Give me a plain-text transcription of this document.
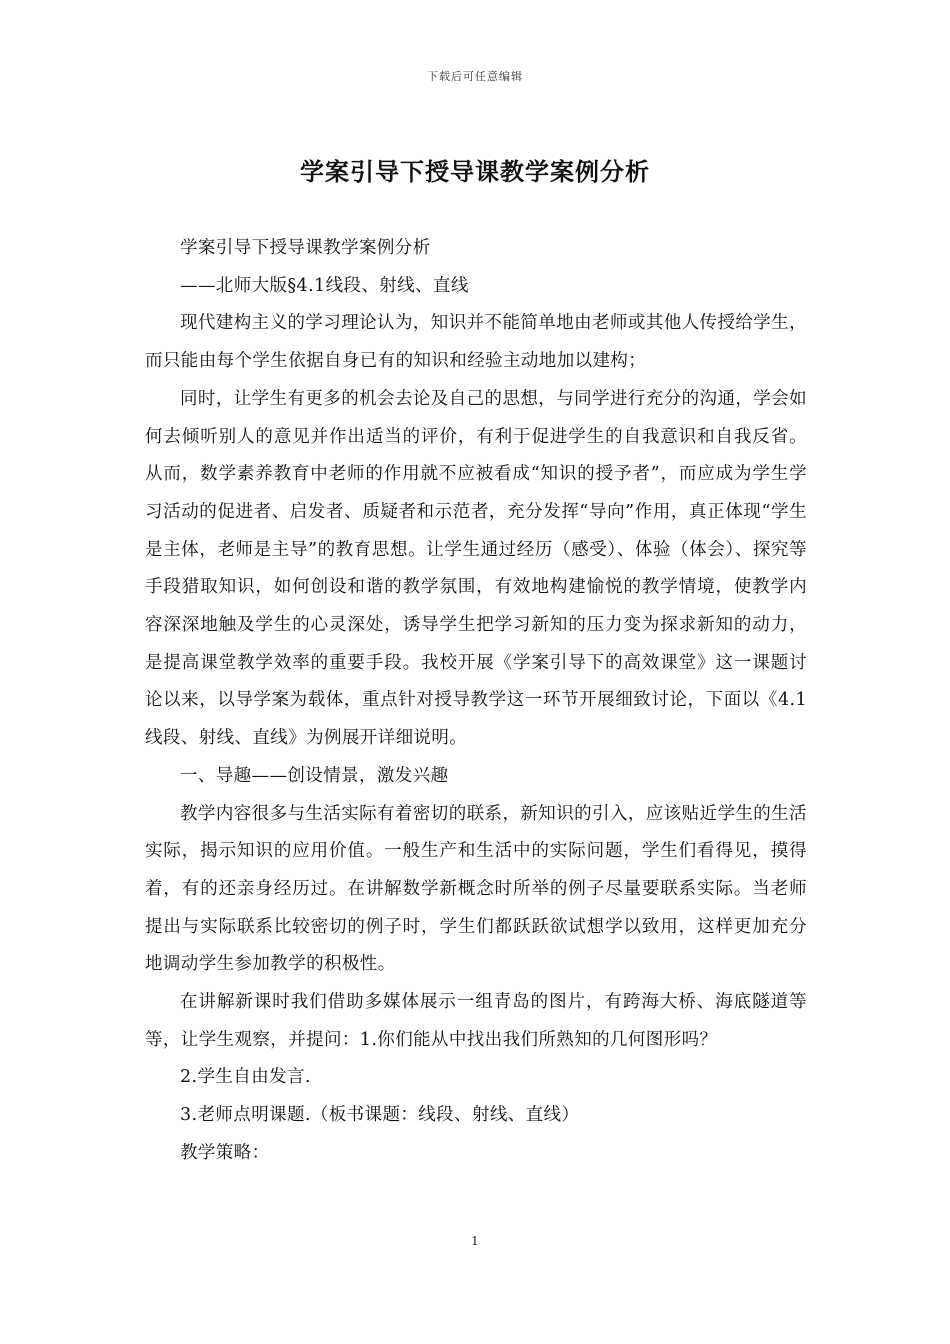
下载后可任意编辑
学案引导下授导课教学案例分析

学案引导下授导课教学案例分析

——北师大版§4.1线段、射线、直线

现代建构主义的学习理论认为，知识并不能简单地由老师或其他人传授给学生，而只能由每个学生依据自身已有的知识和经验主动地加以建构；

同时，让学生有更多的机会去论及自己的思想，与同学进行充分的沟通，学会如何去倾听别人的意见并作出适当的评价，有利于促进学生的自我意识和自我反省。从而，数学素养教育中老师的作用就不应被看成“知识的授予者”，而应成为学生学习活动的促进者、启发者、质疑者和示范者，充分发挥“导向”作用，真正体现“学生是主体，老师是主导”的教育思想。让学生通过经历（感受）、体验（体会）、探究等手段猎取知识，如何创设和谐的教学氛围，有效地构建愉悦的教学情境，使教学内容深深地触及学生的心灵深处，诱导学生把学习新知的压力变为探求新知的动力，是提高课堂教学效率的重要手段。我校开展《学案引导下的高效课堂》这一课题讨论以来，以导学案为载体，重点针对授导教学这一环节开展细致讨论，下面以《4.1线段、射线、直线》为例展开详细说明。

一、导趣——创设情景，激发兴趣

教学内容很多与生活实际有着密切的联系，新知识的引入，应该贴近学生的生活实际，揭示知识的应用价值。一般生产和生活中的实际问题，学生们看得见，摸得着，有的还亲身经历过。在讲解数学新概念时所举的例子尽量要联系实际。当老师提出与实际联系比较密切的例子时，学生们都跃跃欲试想学以致用，这样更加充分地调动学生参加教学的积极性。

在讲解新课时我们借助多媒体展示一组青岛的图片，有跨海大桥、海底隧道等等，让学生观察，并提问：1.你们能从中找出我们所熟知的几何图形吗？

2.学生自由发言.

3.老师点明课题.（板书课题：线段、射线、直线）

教学策略：

1
